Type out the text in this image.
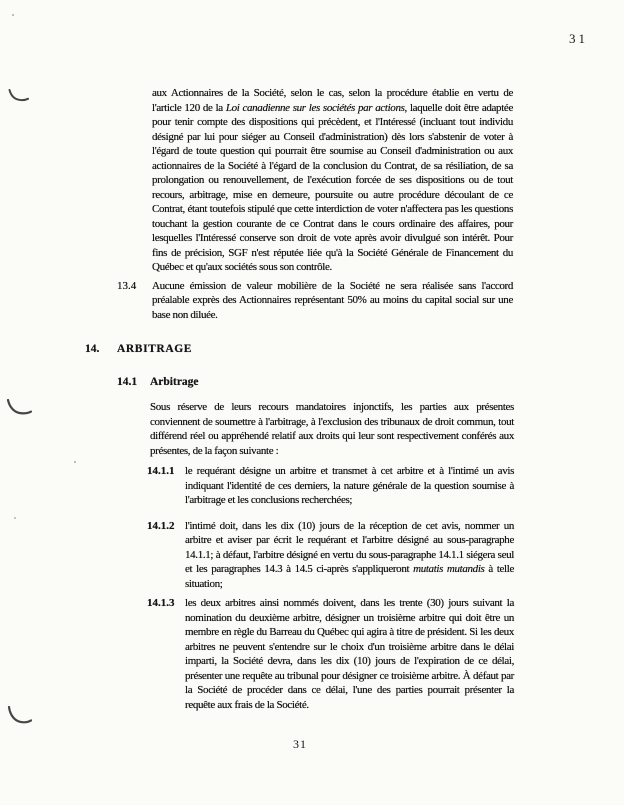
31

aux Actionnaires de la Société, selon le cas, selon la procédure établie en vertu de l'article 120 de la Loi canadienne sur les sociétés par actions, laquelle doit être adaptée pour tenir compte des dispositions qui précèdent, et l'Intéressé (incluant tout individu désigné par lui pour siéger au Conseil d'administration) dès lors s'abstenir de voter à l'égard de toute question qui pourrait être soumise au Conseil d'administration ou aux actionnaires de la Société à l'égard de la conclusion du Contrat, de sa résiliation, de sa prolongation ou renouvellement, de l'exécution forcée de ses dispositions ou de tout recours, arbitrage, mise en demeure, poursuite ou autre procédure découlant de ce Contrat, étant toutefois stipulé que cette interdiction de voter n'affectera pas les questions touchant la gestion courante de ce Contrat dans le cours ordinaire des affaires, pour lesquelles l'Intéressé conserve son droit de vote après avoir divulgué son intérêt. Pour fins de précision, SGF n'est réputée liée qu'à la Société Générale de Financement du Québec et qu'aux sociétés sous son contrôle.

13.4 Aucune émission de valeur mobilière de la Société ne sera réalisée sans l'accord préalable exprès des Actionnaires représentant 50% au moins du capital social sur une base non diluée.
14. ARBITRAGE
14.1 Arbitrage

Sous réserve de leurs recours mandatoires injonctifs, les parties aux présentes conviennent de soumettre à l'arbitrage, à l'exclusion des tribunaux de droit commun, tout différend réel ou appréhendé relatif aux droits qui leur sont respectivement conférés aux présentes, de la façon suivante :

14.1.1 le requérant désigne un arbitre et transmet à cet arbitre et à l'intimé un avis indiquant l'identité de ces derniers, la nature générale de la question soumise à l'arbitrage et les conclusions recherchées;
14.1.2 l'intimé doit, dans les dix (10) jours de la réception de cet avis, nommer un arbitre et aviser par écrit le requérant et l'arbitre désigné au sous-paragraphe 14.1.1; à défaut, l'arbitre désigné en vertu du sous-paragraphe 14.1.1 siégera seul et les paragraphes 14.3 à 14.5 ci-après s'appliqueront mutatis mutandis à telle situation;
14.1.3 les deux arbitres ainsi nommés doivent, dans les trente (30) jours suivant la nomination du deuxième arbitre, désigner un troisième arbitre qui doit être un membre en règle du Barreau du Québec qui agira à titre de président. Si les deux arbitres ne peuvent s'entendre sur le choix d'un troisième arbitre dans le délai imparti, la Société devra, dans les dix (10) jours de l'expiration de ce délai, présenter une requête au tribunal pour désigner ce troisième arbitre. À défaut par la Société de procéder dans ce délai, l'une des parties pourrait présenter la requête aux frais de la Société.
31
